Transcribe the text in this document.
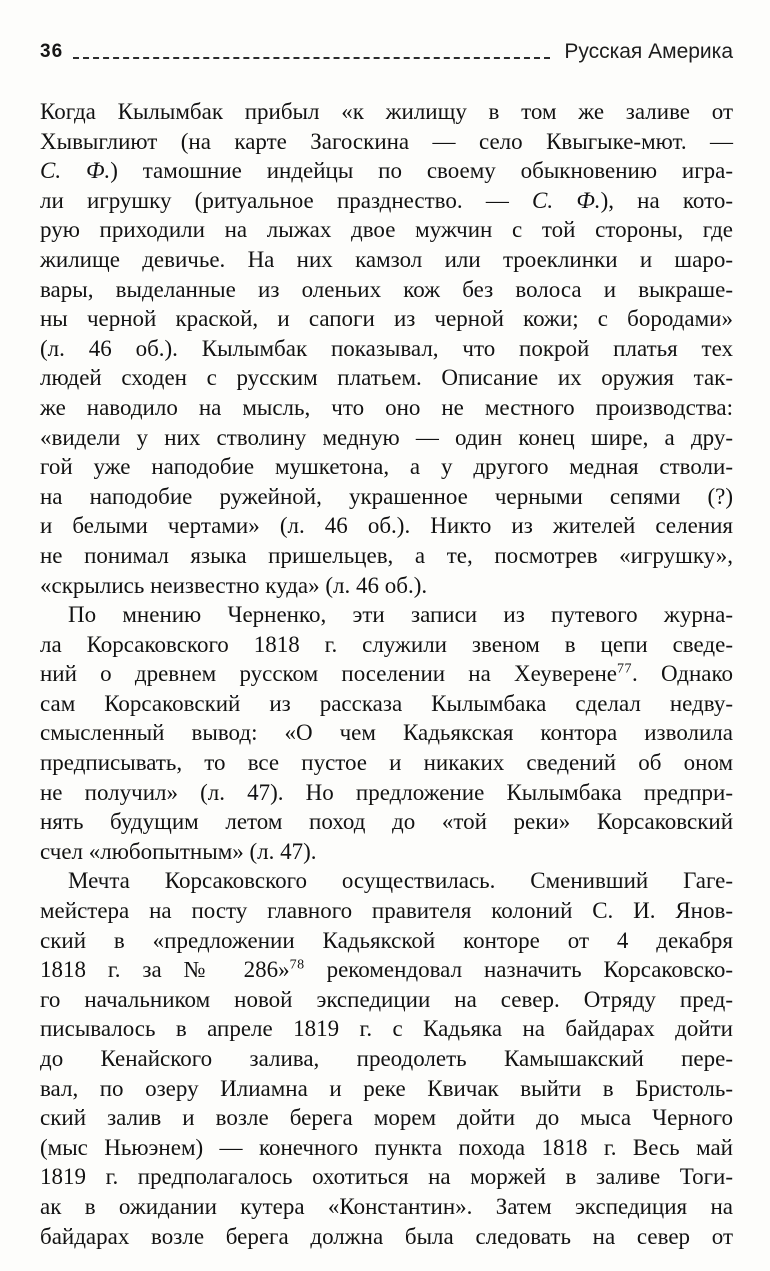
36	Русская Америка
Когда Кылымбак прибыл «к жилищу в том же заливе от
Хывыглиют (на карте Загоскина — село Квыгыке-мют. —
С. Ф.) тамошние индейцы по своему обыкновению игра-
ли игрушку (ритуальное празднество. — С. Ф.), на кото-
рую приходили на лыжах двое мужчин с той стороны, где
жилище девичье. На них камзол или троеклинки и шаро-
вары, выделанные из оленьих кож без волоса и выкраше-
ны черной краской, и сапоги из черной кожи; с бородами»
(л. 46 об.). Кылымбак показывал, что покрой платья тех
людей сходен с русским платьем. Описание их оружия так-
же наводило на мысль, что оно не местного производства:
«видели у них стволину медную — один конец шире, а дру-
гой уже наподобие мушкетона, а у другого медная стволи-
на наподобие ружейной, украшенное черными сепями (?)
и белыми чертами» (л. 46 об.). Никто из жителей селения
не понимал языка пришельцев, а те, посмотрев «игрушку»,
«скрылись неизвестно куда» (л. 46 об.).
По мнению Черненко, эти записи из путевого журна-
ла Корсаковского 1818 г. служили звеном в цепи сведе-
ний о древнем русском поселении на Хеуверене$^{77}$. Однако
сам Корсаковский из рассказа Кылымбака сделал недву-
смысленный вывод: «О чем Кадьякская контора изволила
предписывать, то все пустое и никаких сведений об оном
не получил» (л. 47). Но предложение Кылымбака предпри-
нять будущим летом поход до «той реки» Корсаковский
счел «любопытным» (л. 47).
Мечта Корсаковского осуществилась. Сменивший Гаге-
мейстера на посту главного правителя колоний С. И. Янов-
ский в «предложении Кадьякской конторе от 4 декабря
1818 г. за № 286»$^{78}$ рекомендовал назначить Корсаковско-
го начальником новой экспедиции на север. Отряду пред-
писывалось в апреле 1819 г. с Кадьяка на байдарах дойти
до Кенайского залива, преодолеть Камышакский пере-
вал, по озеру Илиамна и реке Квичак выйти в Бристоль-
ский залив и возле берега морем дойти до мыса Черного
(мыс Ньюэнем) — конечного пункта похода 1818 г. Весь май
1819 г. предполагалось охотиться на моржей в заливе Тоги-
ак в ожидании кутера «Константин». Затем экспедиция на
байдарах возле берега должна была следовать на север от
